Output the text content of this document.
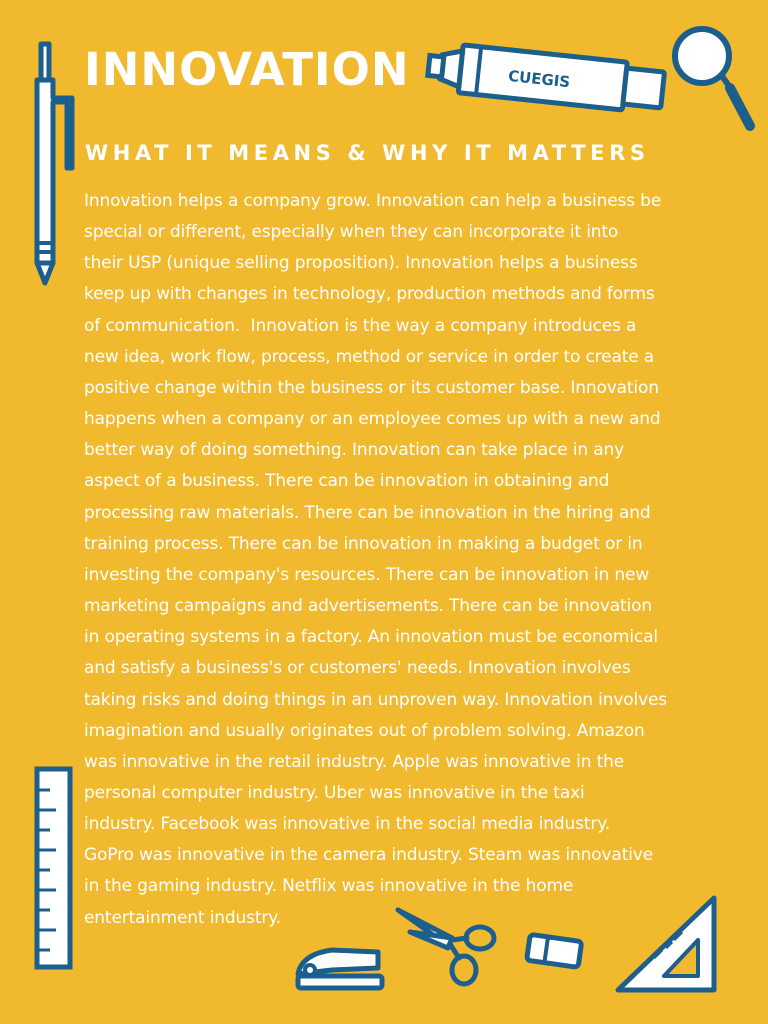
CUEGIS
INNOVATION
WHAT IT MEANS & WHY IT MATTERS
Innovation helps a company grow. Innovation can help a business be
special or different, especially when they can incorporate it into
their USP (unique selling proposition). Innovation helps a business
keep up with changes in technology, production methods and forms
of communication.  Innovation is the way a company introduces a
new idea, work flow, process, method or service in order to create a
positive change within the business or its customer base. Innovation
happens when a company or an employee comes up with a new and
better way of doing something. Innovation can take place in any
aspect of a business. There can be innovation in obtaining and
processing raw materials. There can be innovation in the hiring and
training process. There can be innovation in making a budget or in
investing the company's resources. There can be innovation in new
marketing campaigns and advertisements. There can be innovation
in operating systems in a factory. An innovation must be economical
and satisfy a business's or customers' needs. Innovation involves
taking risks and doing things in an unproven way. Innovation involves
imagination and usually originates out of problem solving. Amazon
was innovative in the retail industry. Apple was innovative in the
personal computer industry. Uber was innovative in the taxi
industry. Facebook was innovative in the social media industry.
GoPro was innovative in the camera industry. Steam was innovative
in the gaming industry. Netflix was innovative in the home
entertainment industry.
